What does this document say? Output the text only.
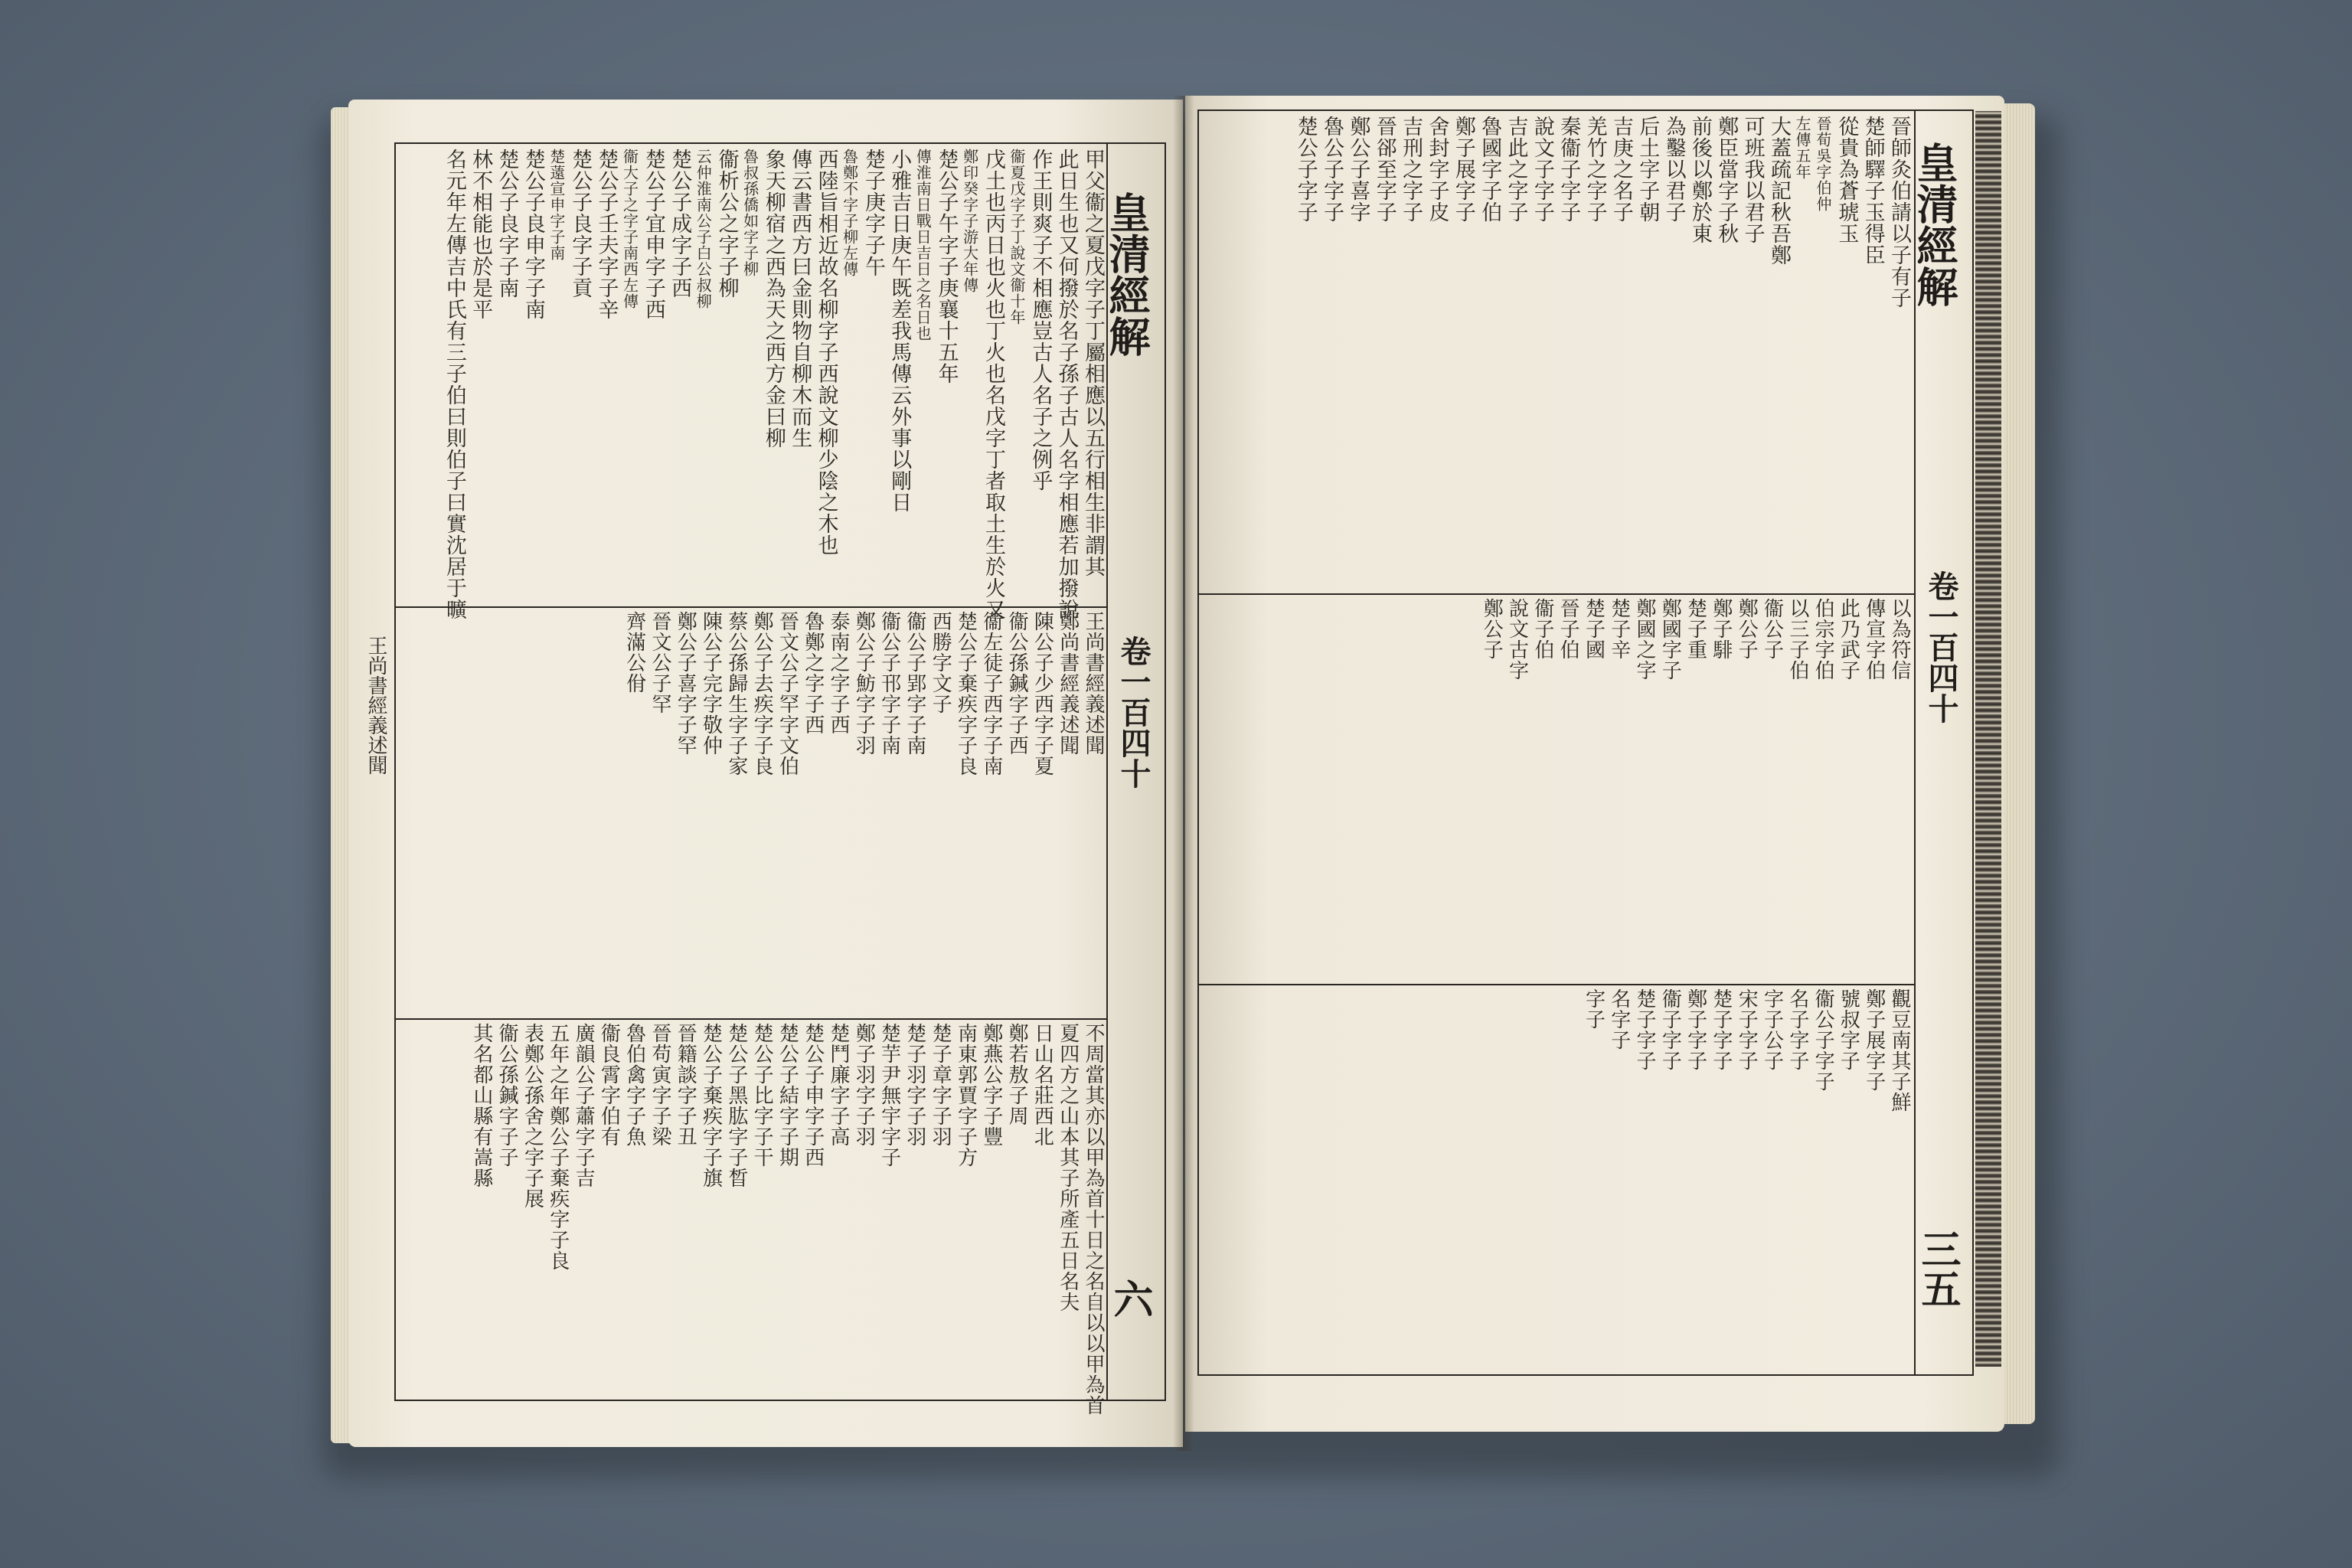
皇清經解
卷一百四十
六
王尚書經義述聞
甲父衞之夏戊字子丁屬相應以五行相生非謂其
此日生也又何撥於名子孫子古人名字相應若加撥說
作王則爽子不相應豈古人名子之例乎
衞夏戊字子丁說文衞十年
戊土也丙日也火也丁火也名戊字丁者取土生於火又
鄭印癸字子游大年傳
楚公子午字子庚襄十五年
傳淮南日戰日吉日之名日也
小雅吉日庚午既差我馬傳云外事以剛日
楚子庚字子午
魯鄭不字子柳左傳
西陸旨相近故名柳字子西說文柳少陰之木也
傳云書西方曰金則物自柳木而生
象天柳宿之西為天之西方金曰柳
魯叔孫僑如字子柳
衞析公之字子柳
云仲淮南公子白公叔柳
楚公子成字子西
楚公子宜申字子西
衞大子之字子南西左傳
楚公子壬夫字子辛
楚公子良字子貢
楚薳宣申字子南
楚公子良申字子南
楚公子良字子南
林不相能也於是平
名元年左傳吉中氏有三子伯曰則伯子曰實沈居于曠
王尚書經義述聞
鄭尚書經義述聞
陳公子少西字子夏
衞公孫鍼字子西
衞左徒子西字子南
楚公子棄疾字子良
西勝字文子
衞公子郢字子南
衞公子邗字子南
鄭公子魴字子羽
泰南之字子西
魯鄭之字子西
晉文公子罕字文伯
鄭公子去疾字子良
蔡公孫歸生字子家
陳公子完字敬仲
鄭公子喜字子罕
晉文公子罕
齊滿公佾
不周當其亦以甲為首十日之名自以以甲為首
夏四方之山本其子所產五日名夫
日山名莊西北
鄭若敖子周
鄭燕公字子豐
南東郭賈字子方
楚子章字子羽
楚子羽字子羽
楚芋尹無宇字子
鄭子羽字子羽
楚鬥廉字子高
楚公子申字子西
楚公子結字子期
楚公子比字子干
楚公子黑肱字子晳
楚公子棄疾字子旗
晉籍談字子丑
晉苟寅字子梁
魯伯禽字子魚
衞良霄字伯有
廣韻公子蕭字子吉
五年之年鄭公子棄疾字子良
表鄭公孫舍之字子展
衞公孫鍼字子子
其名都山縣有嵩縣
皇清經解
卷一百四十
三五
晉師灸伯請以子有子
楚師驛子玉得臣
從貴為蒼琥玉
晉荀吳字伯仲
左傳五年
大蓋疏記秋吾鄭
可班我以君子
鄭臣當字子秋
前後以鄭於東
為鑿以君子
后土字子朝
吉庚之名子
羌竹之字子
秦衞子字子
說文子字子
吉此之字子
魯國字子伯
鄭子展字子
舍封字子皮
吉刑之字子
晉郤至字子
鄭公子喜字
魯公子字子
楚公子字子
以為符信
傳宣字伯
此乃武子
伯宗字伯
以三子伯
衞公子
鄭公子
鄭子騑
楚子重
鄭國字子
鄭國之字
楚子辛
楚子國
晉子伯
衞子伯
說文古字
鄭公子
觀豆南其子鮮
鄭子展字子
號叔字子
衞公子字子
名子字子
字子公子
宋子字子
楚子字子
鄭子字子
衞子字子
楚子字子
名字子
字子
